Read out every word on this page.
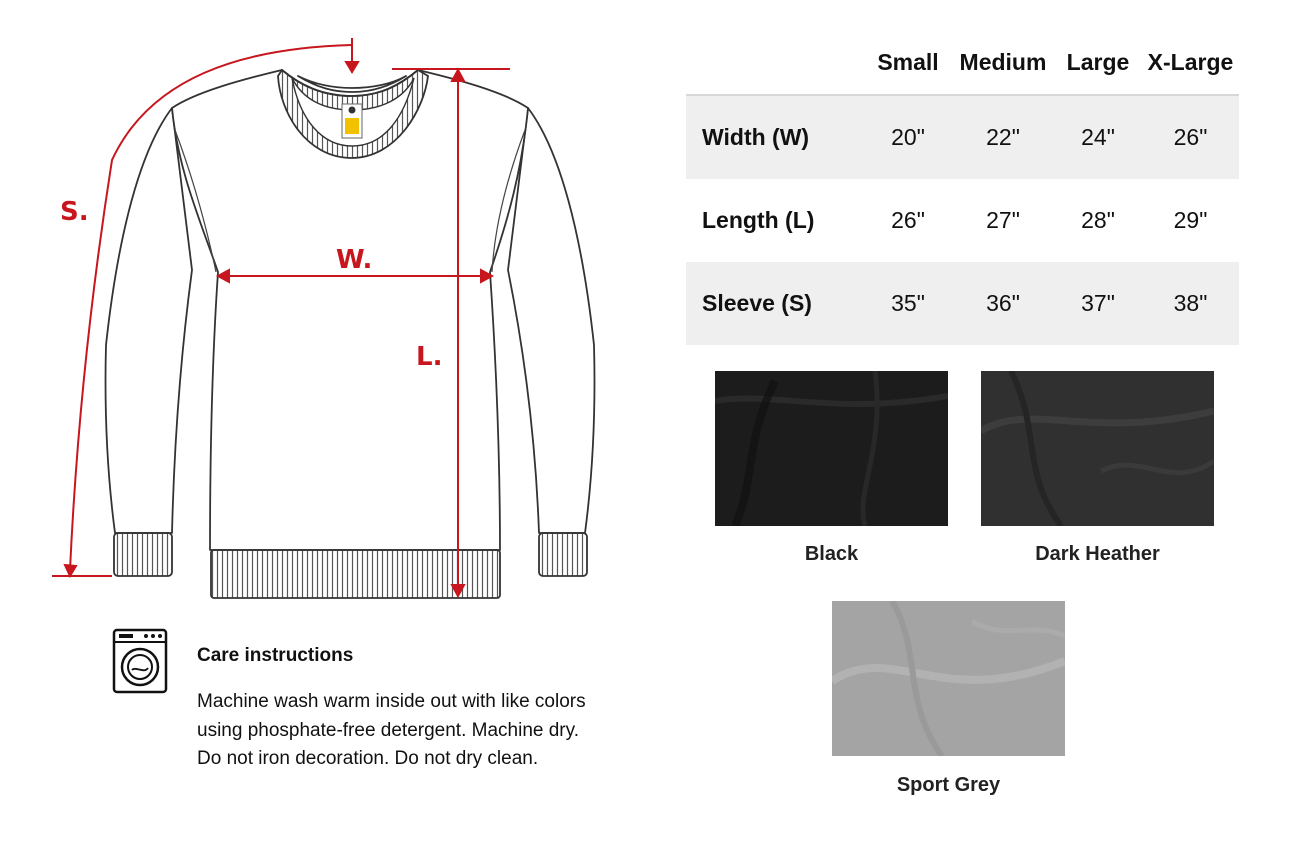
S.
W.
L.
	Small	Medium	Large	X-Large
Width (W)	20"	22"	24"	26"
Length (L)	26"	27"	28"	29"
Sleeve (S)	35"	36"	37"	38"
Black	Dark Heather
Sport Grey
Care instructions

Machine wash warm inside out with like colors using phosphate-free detergent. Machine dry. Do not iron decoration. Do not dry clean.
